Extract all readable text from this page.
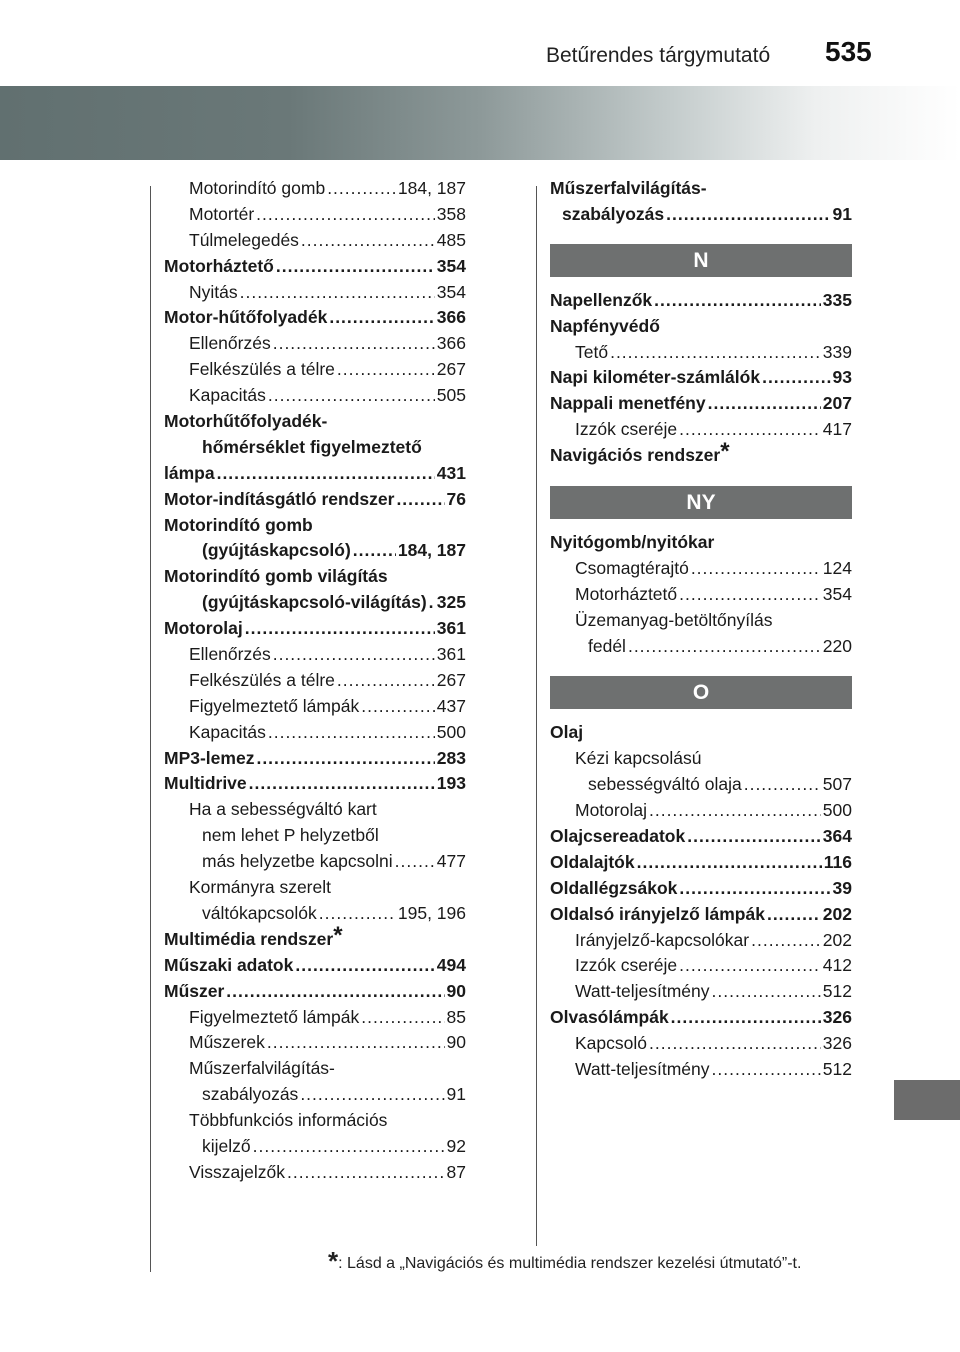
Betűrendes tárgymutató 535
Motorindító gomb .....	184, 187
Motortér .....	358
Túlmelegedés .....	485
Motorháztető .....	354
Nyitás .....	354
Motor-hűtőfolyadék .....	366
Ellenőrzés .....	366
Felkészülés a télre .....	267
Kapacitás .....	505
Motorhűtőfolyadék-
hőmérséklet figyelmeztető
lámpa .....	431
Motor-indításgátló rendszer .....	76
Motorindító gomb
(gyújtáskapcsoló) .....	184, 187
Motorindító gomb világítás
(gyújtáskapcsoló-világítás) ..... 325
Motorolaj .....	361
Ellenőrzés .....	361
Felkészülés a télre .....	267
Figyelmeztető lámpák .....	437
Kapacitás .....	500
MP3-lemez .....	283
Multidrive .....	193
Ha a sebességváltó kart
nem lehet P helyzetből
más helyzetbe kapcsolni .....	477
Kormányra szerelt
váltókapcsolók .....	195, 196
Multimédia rendszer*
Műszaki adatok .....	494
Műszer .....	90
Figyelmeztető lámpák .....	85
Műszerek .....	90
Műszerfalvilágítás-
szabályozás .....	91
Többfunkciós információs
kijelző .....	92
Visszajelzők .....	87
Műszerfalvilágítás-
szabályozás .....	91
N
Napellenzők .....	335
Napfényvédő
Tető .....	339
Napi kilométer-számlálók .....	93
Nappali menetfény .....	207
Izzók cseréje .....	417
Navigációs rendszer*
NY
Nyitógomb/nyitókar
Csomagtérajtó .....	124
Motorháztető .....	354
Üzemanyag-betöltőnyílás
fedél .....	220
O
Olaj
Kézi kapcsolású
sebességváltó olaja .....	507
Motorolaj .....	500
Olajcsereadatok .....	364
Oldalajtók .....	116
Oldallégzsákok .....	39
Oldalsó irányjelző lámpák .....	202
Irányjelző-kapcsolókar .....	202
Izzók cseréje .....	412
Watt-teljesítmény .....	512
Olvasólámpák .....	326
Kapcsoló .....	326
Watt-teljesítmény .....	512
*: Lásd a „Navigációs és multimédia rendszer kezelési útmutató”-t.
